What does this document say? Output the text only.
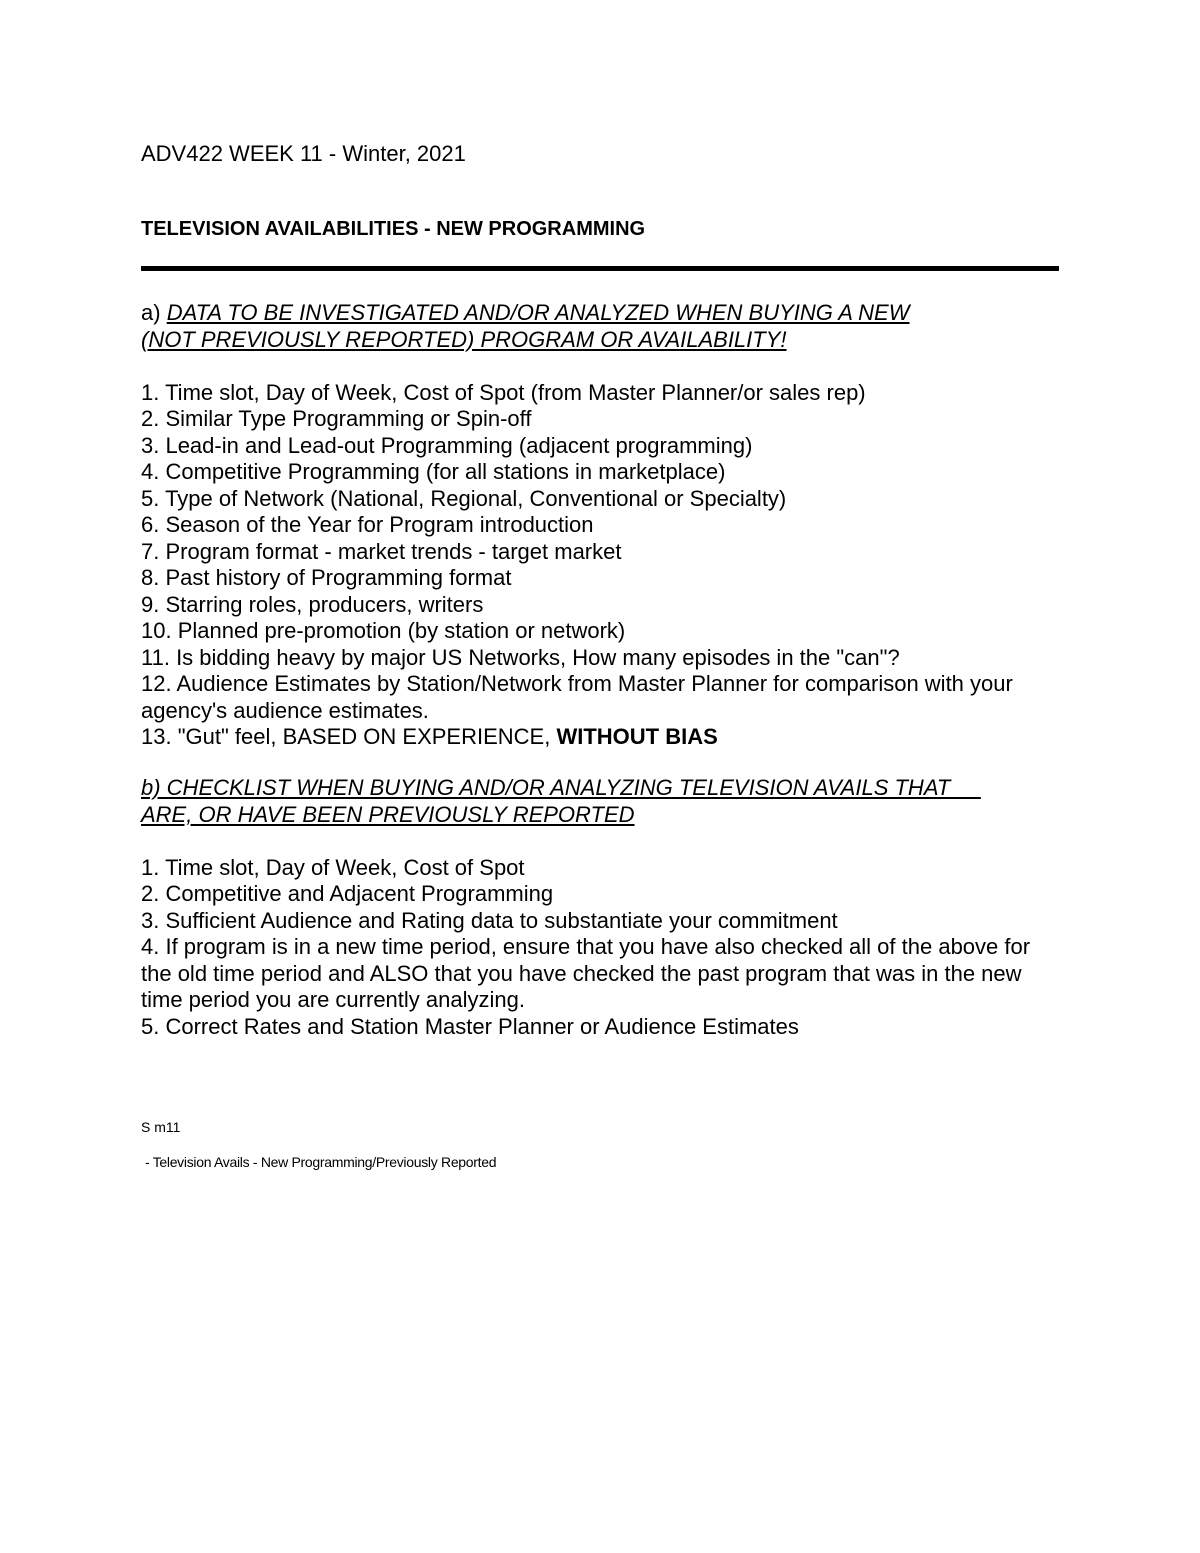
ADV422 WEEK 11 - Winter, 2021
TELEVISION AVAILABILITIES - NEW PROGRAMMING
a) DATA TO BE INVESTIGATED AND/OR ANALYZED WHEN BUYING A NEW
(NOT PREVIOUSLY REPORTED) PROGRAM OR AVAILABILITY!
1. Time slot, Day of Week, Cost of Spot (from Master Planner/or sales rep)
2. Similar Type Programming or Spin-off
3. Lead-in and Lead-out Programming (adjacent programming)
4. Competitive Programming (for all stations in marketplace)
5. Type of Network (National, Regional, Conventional or Specialty)
6. Season of the Year for Program introduction
7. Program format - market trends - target market
8. Past history of Programming format
9. Starring roles, producers, writers
10. Planned pre-promotion (by station or network)
11. Is bidding heavy by major US Networks, How many episodes in the "can"?
12. Audience Estimates by Station/Network from Master Planner for comparison with your agency's audience estimates.
13. "Gut" feel, BASED ON EXPERIENCE, WITHOUT BIAS
b) CHECKLIST WHEN BUYING AND/OR ANALYZING TELEVISION AVAILS THAT
ARE, OR HAVE BEEN PREVIOUSLY REPORTED
1. Time slot, Day of Week, Cost of Spot
2. Competitive and Adjacent Programming
3. Sufficient Audience and Rating data to substantiate your commitment
4. If program is in a new time period, ensure that you have also checked all of the above for the old time period and ALSO that you have checked the past program that was in the new time period you are currently analyzing.
5. Correct Rates and Station Master Planner or Audience Estimates
S m11
- Television Avails - New Programming/Previously Reported
